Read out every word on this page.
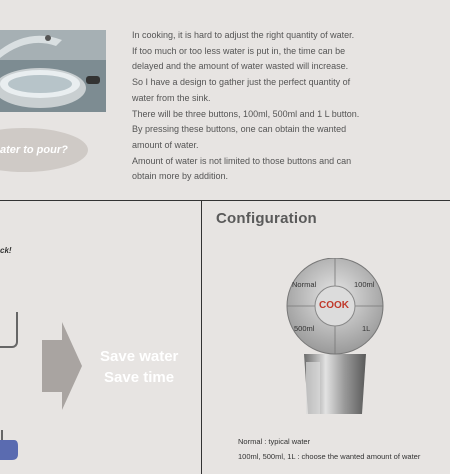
ater to pour?

In cooking, it is hard to adjust the right quantity of water.

If too much or too less water is put in, the time can be

delayed and the amount of water wasted will increase.

So I have a design to gather just the perfect quantity of

water from the sink.

There will be three buttons, 100ml, 500ml and 1 L button.

By pressing these buttons, one can obtain the wanted

amount of water.

Amount of water is not limited to those buttons and can

obtain more by addition.

ck!
Save water
Save time
Configuration
Normal	100ml
500ml	1L
COOK
Normal : typical water
100ml, 500ml, 1L : choose the wanted amount of water
